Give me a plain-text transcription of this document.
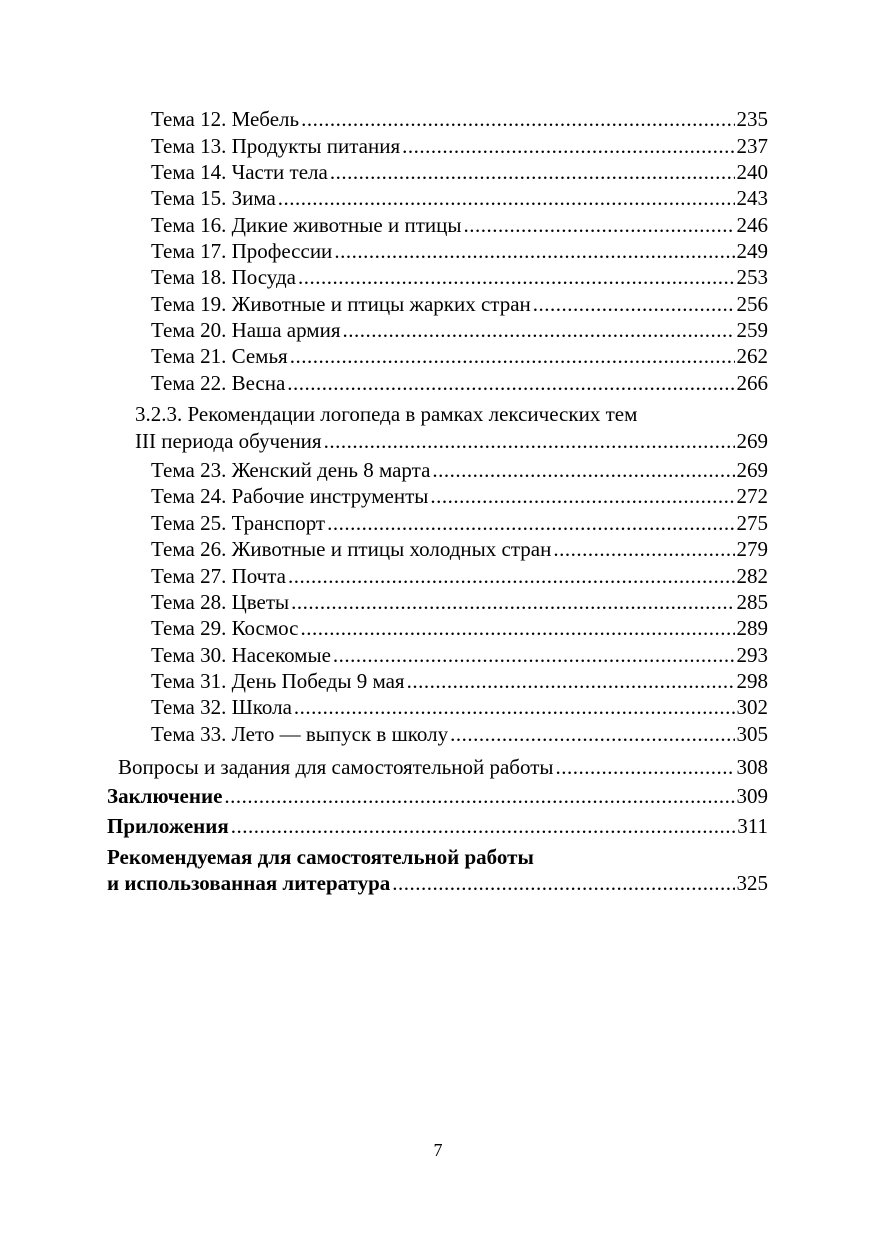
Тема 12. Мебель .....	235
Тема 13. Продукты питания .....	237
Тема 14. Части тела .....	240
Тема 15. Зима .....	243
Тема 16. Дикие животные и птицы .....	246
Тема 17. Профессии .....	249
Тема 18. Посуда .....	253
Тема 19. Животные и птицы жарких стран .....	256
Тема 20. Наша армия .....	259
Тема 21. Семья .....	262
Тема 22. Весна .....	266
3.2.3. Рекомендации логопеда в рамках лексических тем
III периода обучения .....	269
Тема 23. Женский день 8 марта .....	269
Тема 24. Рабочие инструменты .....	272
Тема 25. Транспорт .....	275
Тема 26. Животные и птицы холодных стран .....	279
Тема 27. Почта .....	282
Тема 28. Цветы .....	285
Тема 29. Космос .....	289
Тема 30. Насекомые .....	293
Тема 31. День Победы 9 мая .....	298
Тема 32. Школа .....	302
Тема 33. Лето — выпуск в школу .....	305
Вопросы и задания для самостоятельной работы .....	308
Заключение .....	309
Приложения .....	311
Рекомендуемая для самостоятельной работы
и использованная литература .....	325
7
